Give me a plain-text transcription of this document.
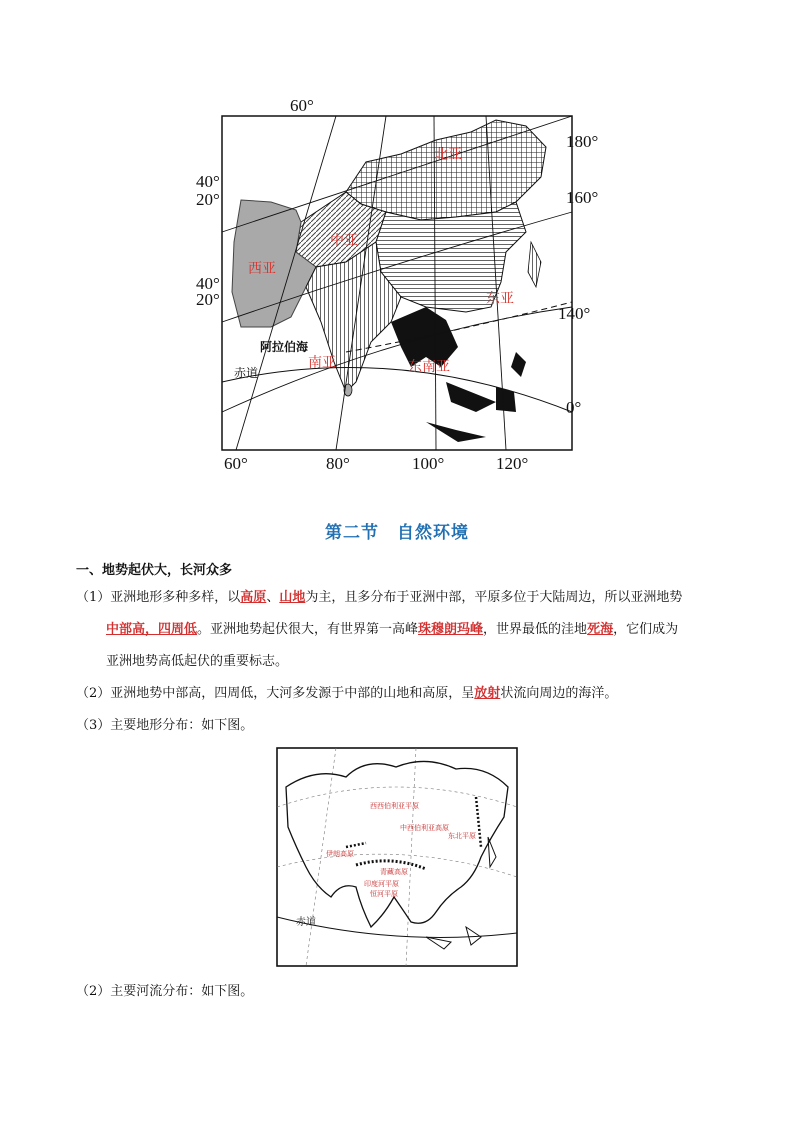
60°
40°
20°
40°
20°
180°
160°
140°
0°
60°	80°	100°	120°
北亚
中亚
西亚
东亚
南亚	东南亚
阿拉伯海
赤道
第二节　自然环境
一、地势起伏大，长河众多
（1）亚洲地形多种多样，以高原、山地为主，且多分布于亚洲中部，平原多位于大陆周边，所以亚洲地势
中部高，四周低。亚洲地势起伏很大，有世界第一高峰珠穆朗玛峰，世界最低的洼地死海，它们成为
亚洲地势高低起伏的重要标志。
（2）亚洲地势中部高，四周低，大河多发源于中部的山地和高原，呈放射状流向周边的海洋。
（3）主要地形分布：如下图。
西西伯利亚平原
中西伯利亚高原
东北平原
伊朗高原
青藏高原
印度河平原
恒河平原
赤道
（2）主要河流分布：如下图。
